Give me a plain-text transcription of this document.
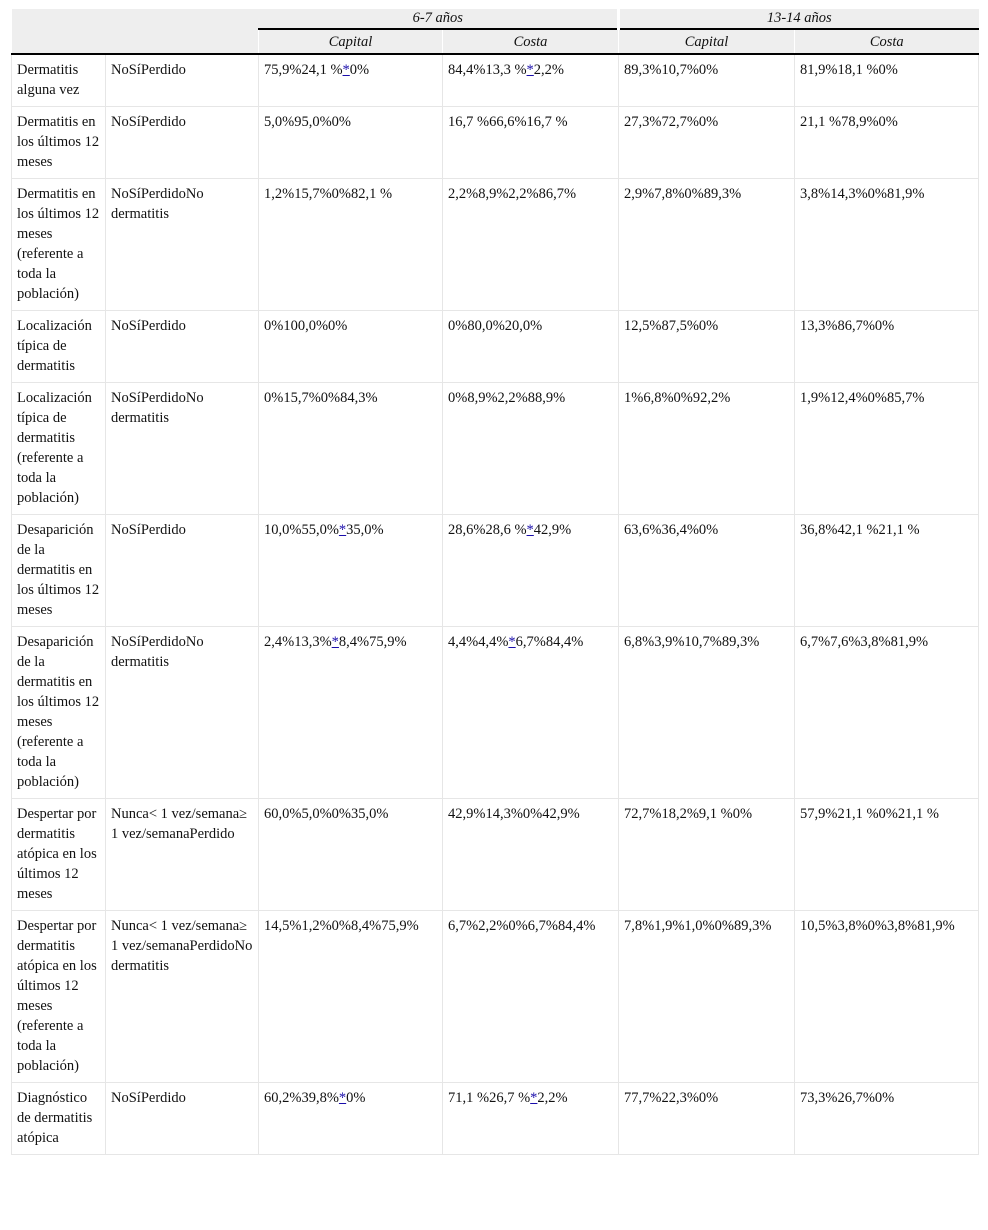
		6-7 años		13-14 años	
		Capital	Costa	Capital	Costa
Dermatitis alguna vez	NoSíPerdido	75,9%24,1 %*0%	84,4%13,3 %*2,2%	89,3%10,7%0%	81,9%18,1 %0%
Dermatitis en los últimos 12 meses	NoSíPerdido	5,0%95,0%0%	16,7 %66,6%16,7 %	27,3%72,7%0%	21,1 %78,9%0%
Dermatitis en los últimos 12 meses (referente a toda la población)	NoSíPerdidoNo dermatitis	1,2%15,7%0%82,1 %	2,2%8,9%2,2%86,7%	2,9%7,8%0%89,3%	3,8%14,3%0%81,9%
Localización típica de dermatitis	NoSíPerdido	0%100,0%0%	0%80,0%20,0%	12,5%87,5%0%	13,3%86,7%0%
Localización típica de dermatitis (referente a toda la población)	NoSíPerdidoNo dermatitis	0%15,7%0%84,3%	0%8,9%2,2%88,9%	1%6,8%0%92,2%	1,9%12,4%0%85,7%
Desaparición de la dermatitis en los últimos 12 meses	NoSíPerdido	10,0%55,0%*35,0%	28,6%28,6 %*42,9%	63,6%36,4%0%	36,8%42,1 %21,1 %
Desaparición de la dermatitis en los últimos 12 meses (referente a toda la población)	NoSíPerdidoNo dermatitis	2,4%13,3%*8,4%75,9%	4,4%4,4%*6,7%84,4%	6,8%3,9%10,7%89,3%	6,7%7,6%3,8%81,9%
Despertar por dermatitis atópica en los últimos 12 meses	Nunca< 1 vez/semana≥ 1 vez/semanaPerdido	60,0%5,0%0%35,0%	42,9%14,3%0%42,9%	72,7%18,2%9,1 %0%	57,9%21,1 %0%21,1 %
Despertar por dermatitis atópica en los últimos 12 meses (referente a toda la población)	Nunca< 1 vez/semana≥ 1 vez/semanaPerdidoNo dermatitis	14,5%1,2%0%8,4%75,9%	6,7%2,2%0%6,7%84,4%	7,8%1,9%1,0%0%89,3%	10,5%3,8%0%3,8%81,9%
Diagnóstico de dermatitis atópica	NoSíPerdido	60,2%39,8%*0%	71,1 %26,7 %*2,2%	77,7%22,3%0%	73,3%26,7%0%
